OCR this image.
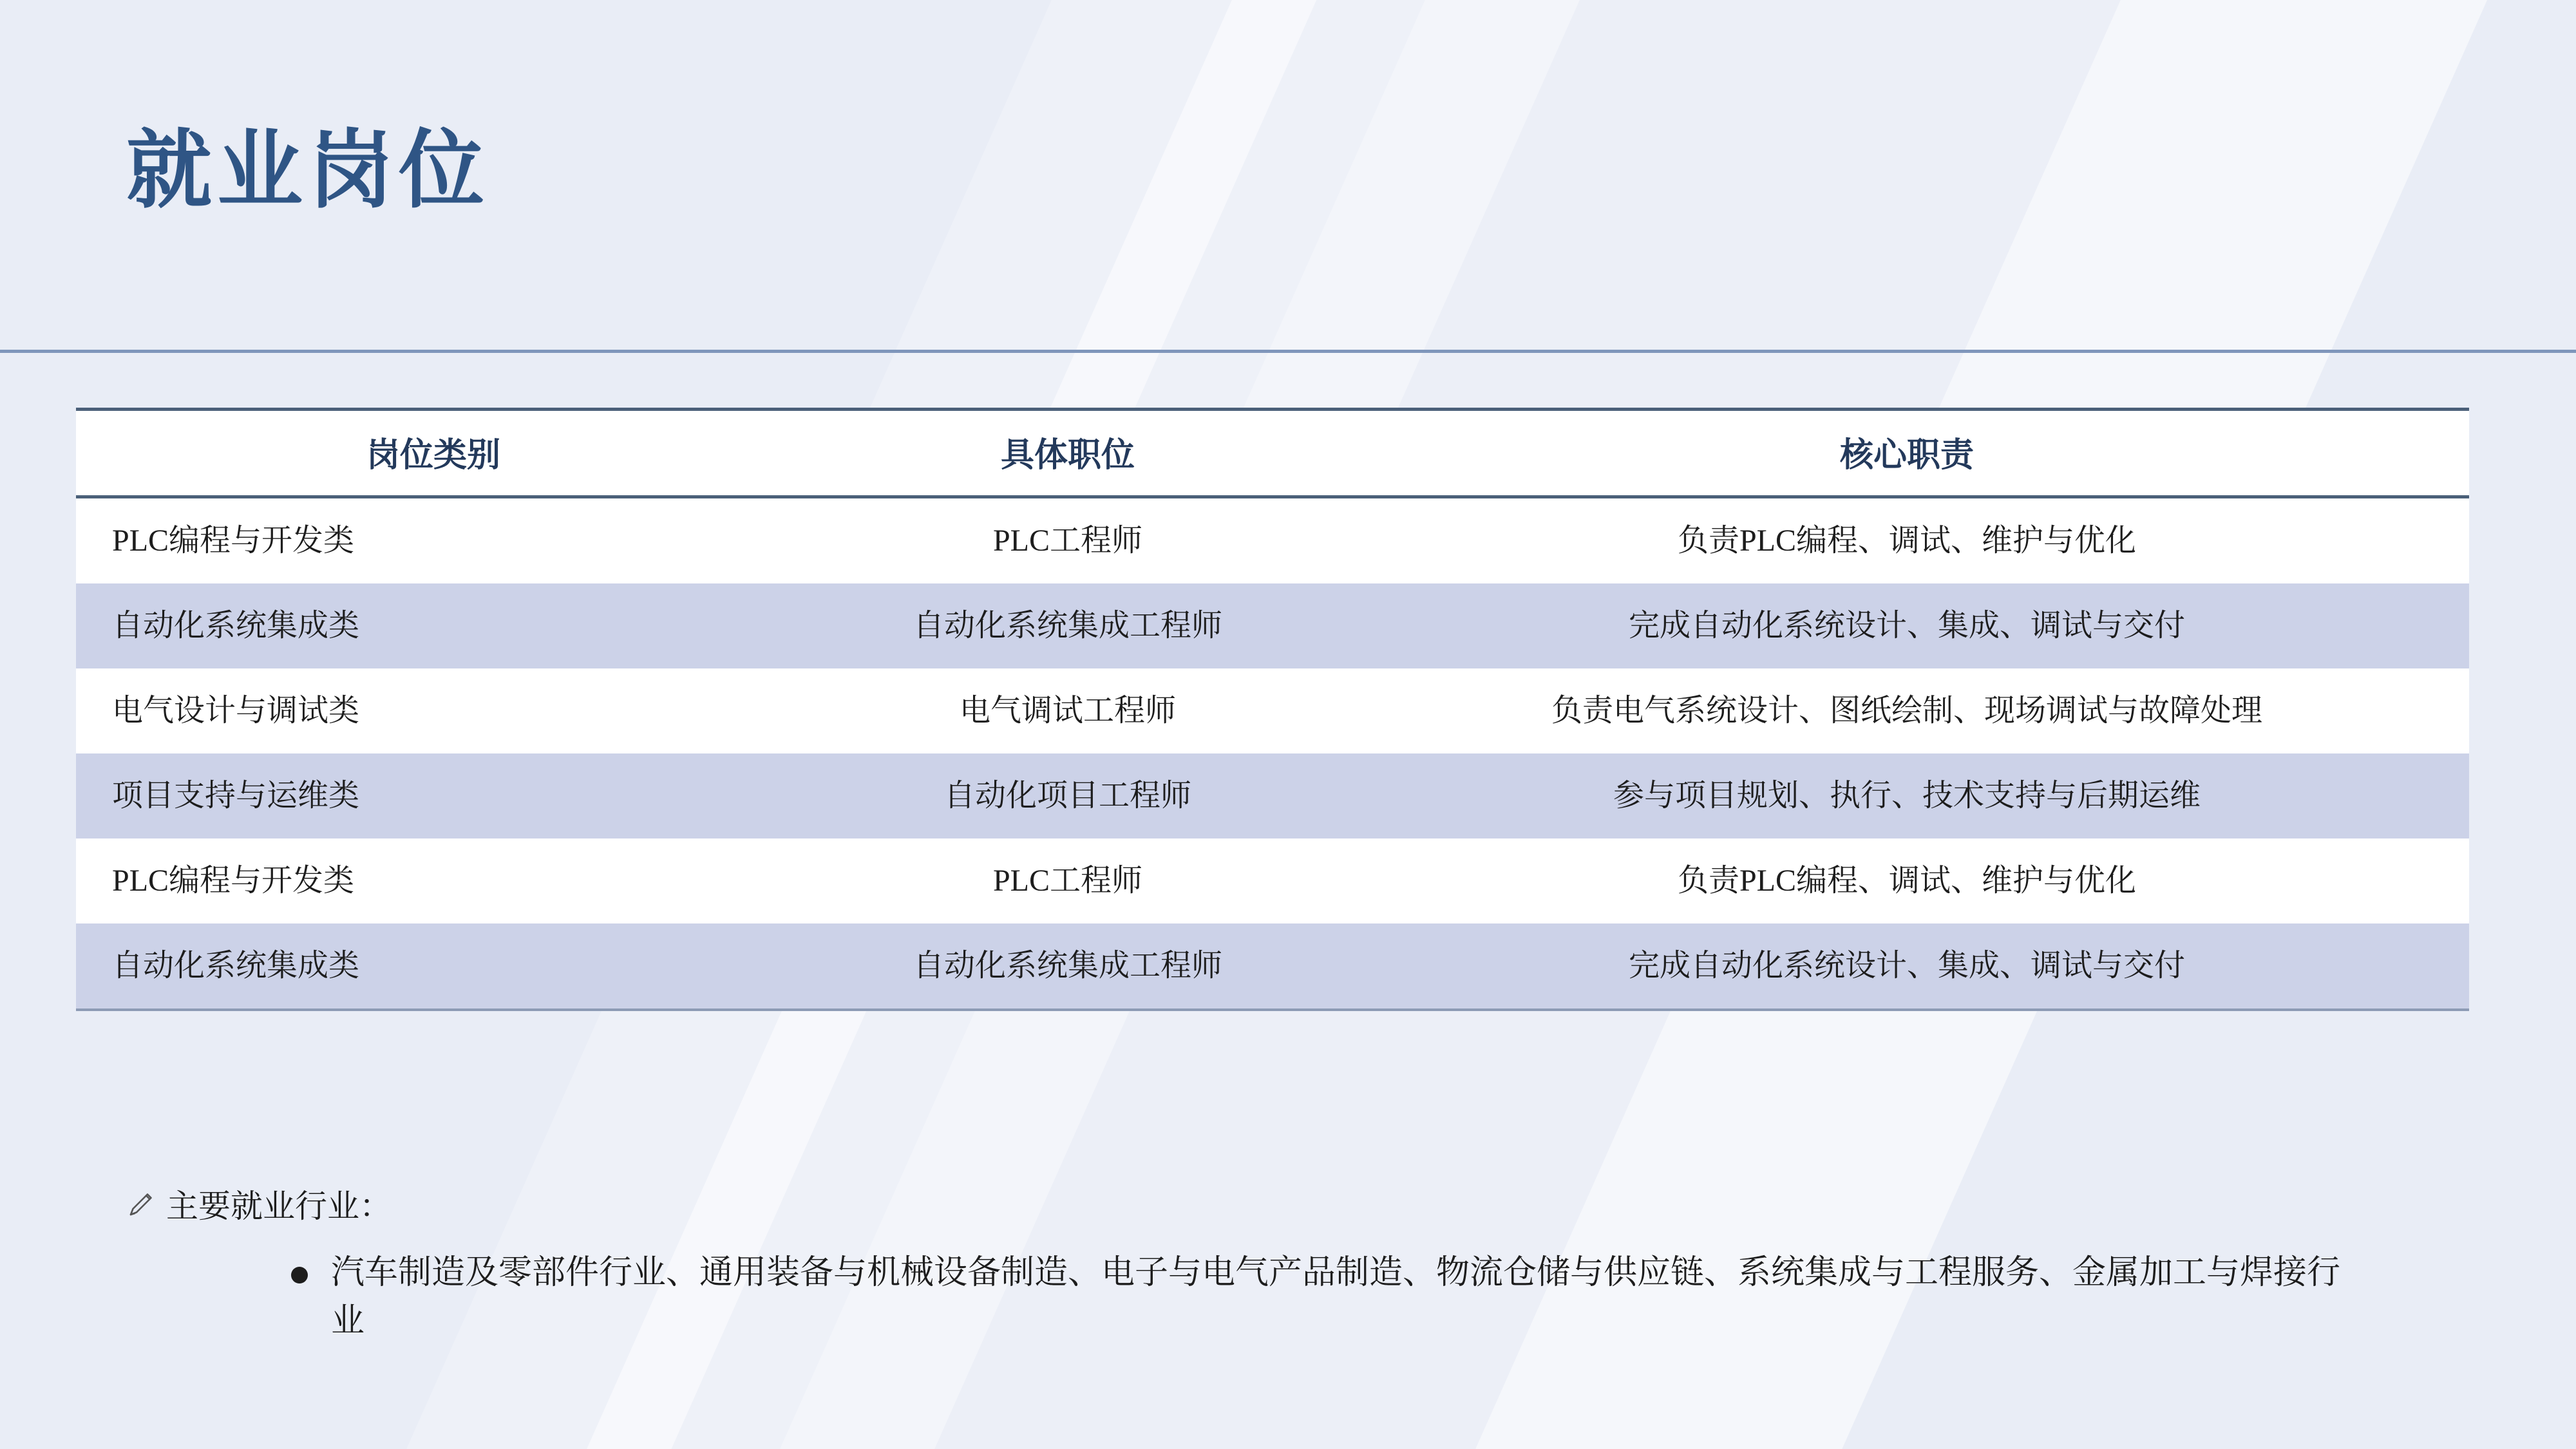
就业岗位
岗位类别	具体职位	核心职责
PLC编程与开发类	PLC工程师	负责PLC编程、调试、维护与优化
自动化系统集成类	自动化系统集成工程师	完成自动化系统设计、集成、调试与交付
电气设计与调试类	电气调试工程师	负责电气系统设计、图纸绘制、现场调试与故障处理
项目支持与运维类	自动化项目工程师	参与项目规划、执行、技术支持与后期运维
PLC编程与开发类	PLC工程师	负责PLC编程、调试、维护与优化
自动化系统集成类	自动化系统集成工程师	完成自动化系统设计、集成、调试与交付
主要就业行业：
汽车制造及零部件行业、通用装备与机械设备制造、电子与电气产品制造、物流仓储与供应链、系统集成与工程服务、金属加工与焊接行业
